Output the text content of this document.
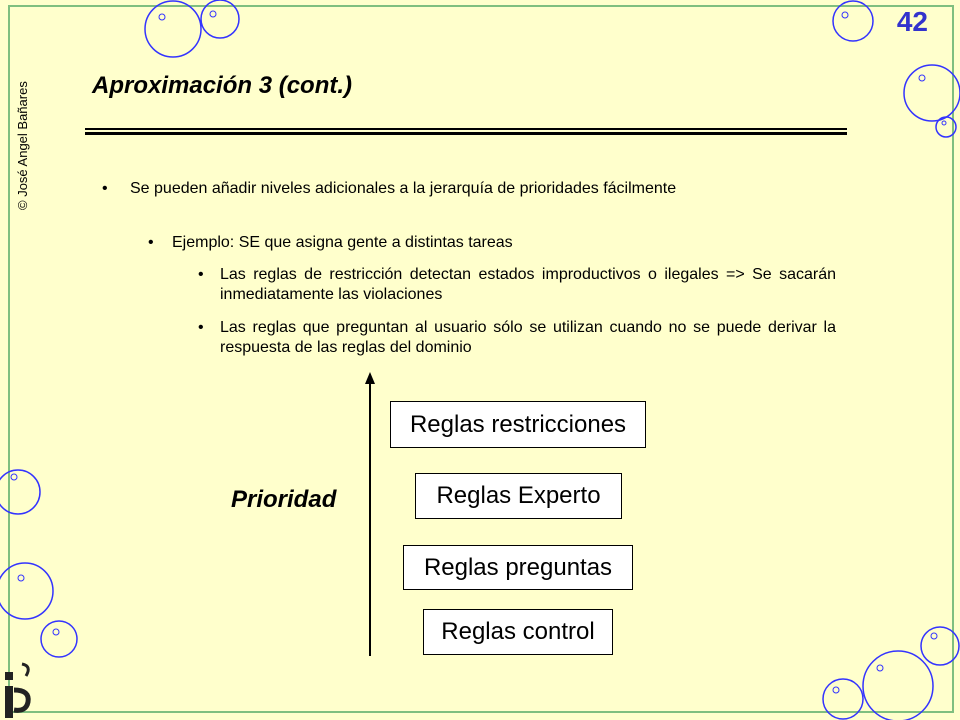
© José Angel Bañares
42
Aproximación 3 (cont.)
• Se pueden añadir niveles adicionales a la jerarquía de prioridades fácilmente
• Ejemplo: SE que asigna gente a distintas tareas
• Las reglas de restricción detectan estados improductivos o ilegales => Se sacarán inmediatamente las violaciones
• Las reglas que preguntan al usuario sólo se utilizan cuando no se puede derivar la respuesta de las reglas del dominio
Prioridad
Reglas restricciones
Reglas Experto
Reglas preguntas
Reglas control
